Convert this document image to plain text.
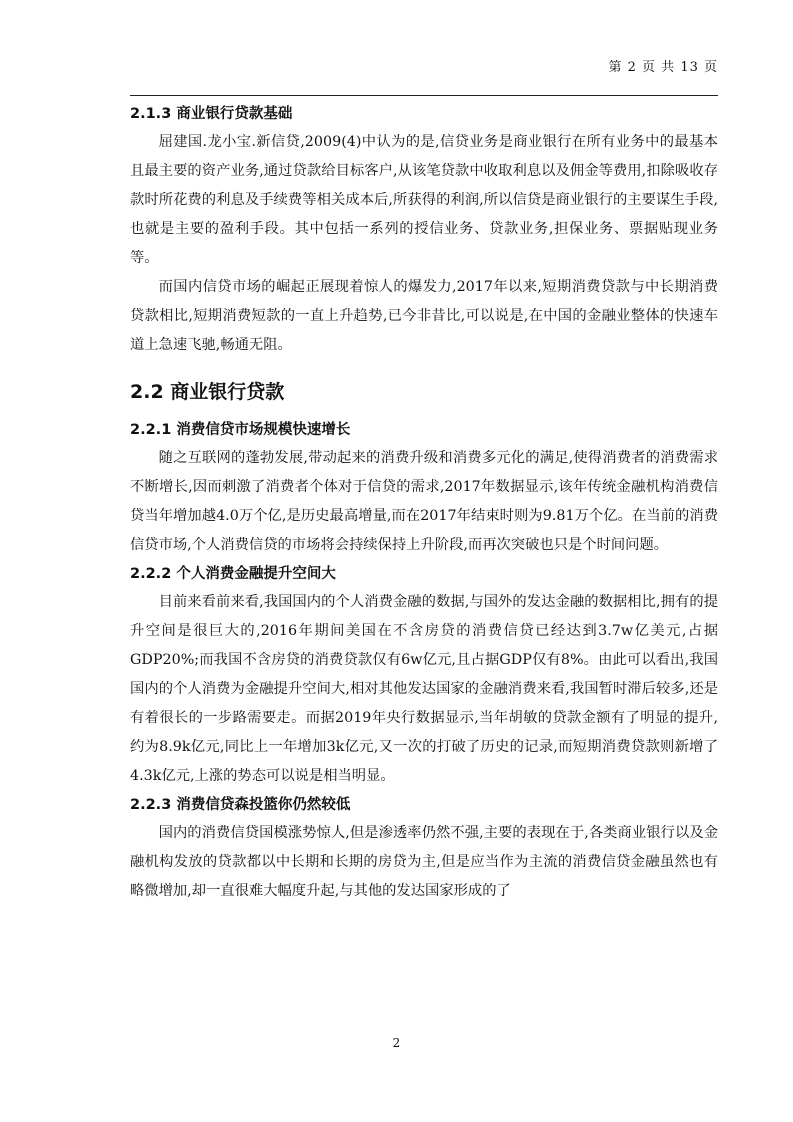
第 2 页 共 13 页
2.1.3 商业银行贷款基础

屈建国.龙小宝.新信贷,2009(4)中认为的是,信贷业务是商业银行在所有业务中的最基本且最主要的资产业务,通过贷款给目标客户,从该笔贷款中收取利息以及佣金等费用,扣除吸收存款时所花费的利息及手续费等相关成本后,所获得的利润,所以信贷是商业银行的主要谋生手段,也就是主要的盈利手段。其中包括一系列的授信业务、贷款业务,担保业务、票据贴现业务等。

而国内信贷市场的崛起正展现着惊人的爆发力,2017年以来,短期消费贷款与中长期消费贷款相比,短期消费短款的一直上升趋势,已今非昔比,可以说是,在中国的金融业整体的快速车道上急速飞驰,畅通无阻。

2.2 商业银行贷款
2.2.1 消费信贷市场规模快速增长

随之互联网的蓬勃发展,带动起来的消费升级和消费多元化的满足,使得消费者的消费需求不断增长,因而刺激了消费者个体对于信贷的需求,2017年数据显示,该年传统金融机构消费信贷当年增加越4.0万个亿,是历史最高增量,而在2017年结束时则为9.81万个亿。在当前的消费信贷市场,个人消费信贷的市场将会持续保持上升阶段,而再次突破也只是个时间问题。

2.2.2 个人消费金融提升空间大

目前来看前来看,我国国内的个人消费金融的数据,与国外的发达金融的数据相比,拥有的提升空间是很巨大的,2016年期间美国在不含房贷的消费信贷已经达到3.7w亿美元,占据GDP20%;而我国不含房贷的消费贷款仅有6w亿元,且占据GDP仅有8%。由此可以看出,我国国内的个人消费为金融提升空间大,相对其他发达国家的金融消费来看,我国暂时滞后较多,还是有着很长的一步路需要走。而据2019年央行数据显示,当年胡敏的贷款金额有了明显的提升,约为8.9k亿元,同比上一年增加3k亿元,又一次的打破了历史的记录,而短期消费贷款则新增了4.3k亿元,上涨的势态可以说是相当明显。

2.2.3 消费信贷森投篮你仍然较低

国内的消费信贷国模涨势惊人,但是渗透率仍然不强,主要的表现在于,各类商业银行以及金融机构发放的贷款都以中长期和长期的房贷为主,但是应当作为主流的消费信贷金融虽然也有略微增加,却一直很难大幅度升起,与其他的发达国家形成的了

2
